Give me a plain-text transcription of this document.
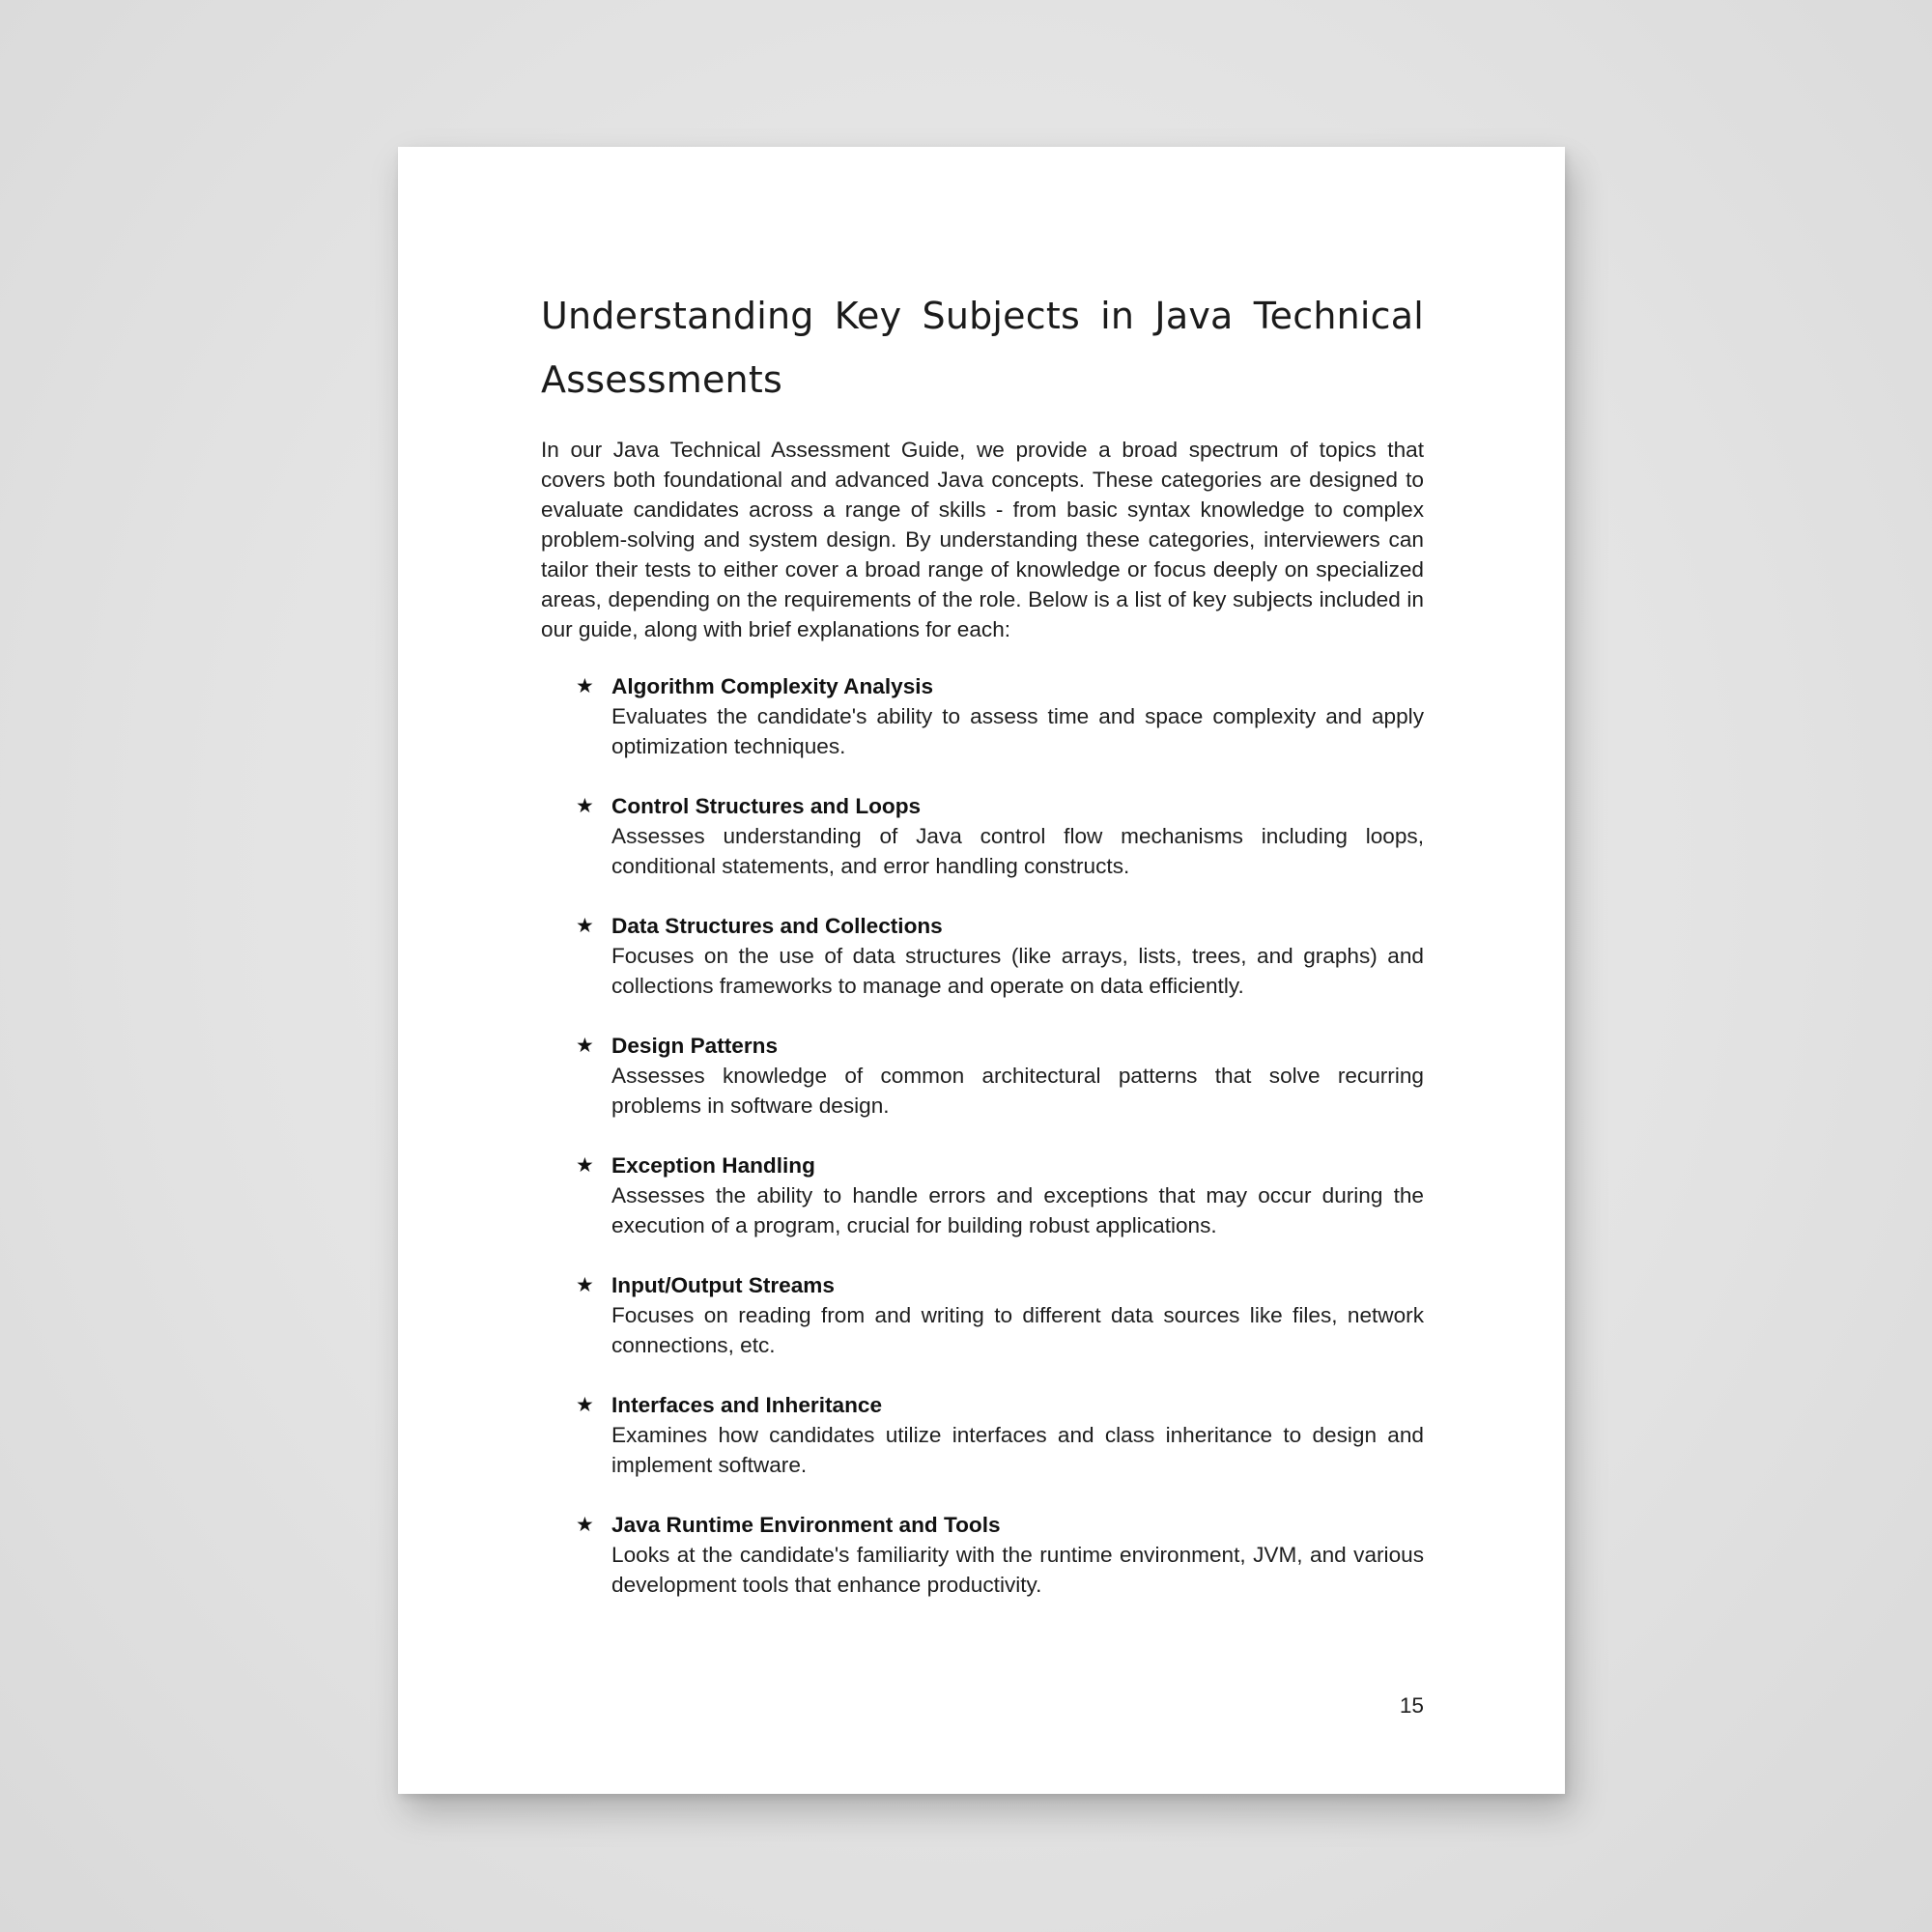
Understanding Key Subjects in Java Technical Assessments

In our Java Technical Assessment Guide, we provide a broad spectrum of topics that covers both foundational and advanced Java concepts. These categories are designed to evaluate candidates across a range of skills - from basic syntax knowledge to complex problem-solving and system design. By understanding these categories, interviewers can tailor their tests to either cover a broad range of knowledge or focus deeply on specialized areas, depending on the requirements of the role. Below is a list of key subjects included in our guide, along with brief explanations for each:

★ Algorithm Complexity Analysis
Evaluates the candidate's ability to assess time and space complexity and apply optimization techniques.
★ Control Structures and Loops
Assesses understanding of Java control flow mechanisms including loops, conditional statements, and error handling constructs.
★ Data Structures and Collections
Focuses on the use of data structures (like arrays, lists, trees, and graphs) and collections frameworks to manage and operate on data efficiently.
★ Design Patterns
Assesses knowledge of common architectural patterns that solve recurring problems in software design.
★ Exception Handling
Assesses the ability to handle errors and exceptions that may occur during the execution of a program, crucial for building robust applications.
★ Input/Output Streams
Focuses on reading from and writing to different data sources like files, network connections, etc.
★ Interfaces and Inheritance
Examines how candidates utilize interfaces and class inheritance to design and implement software.
★ Java Runtime Environment and Tools
Looks at the candidate's familiarity with the runtime environment, JVM, and various development tools that enhance productivity.
15
